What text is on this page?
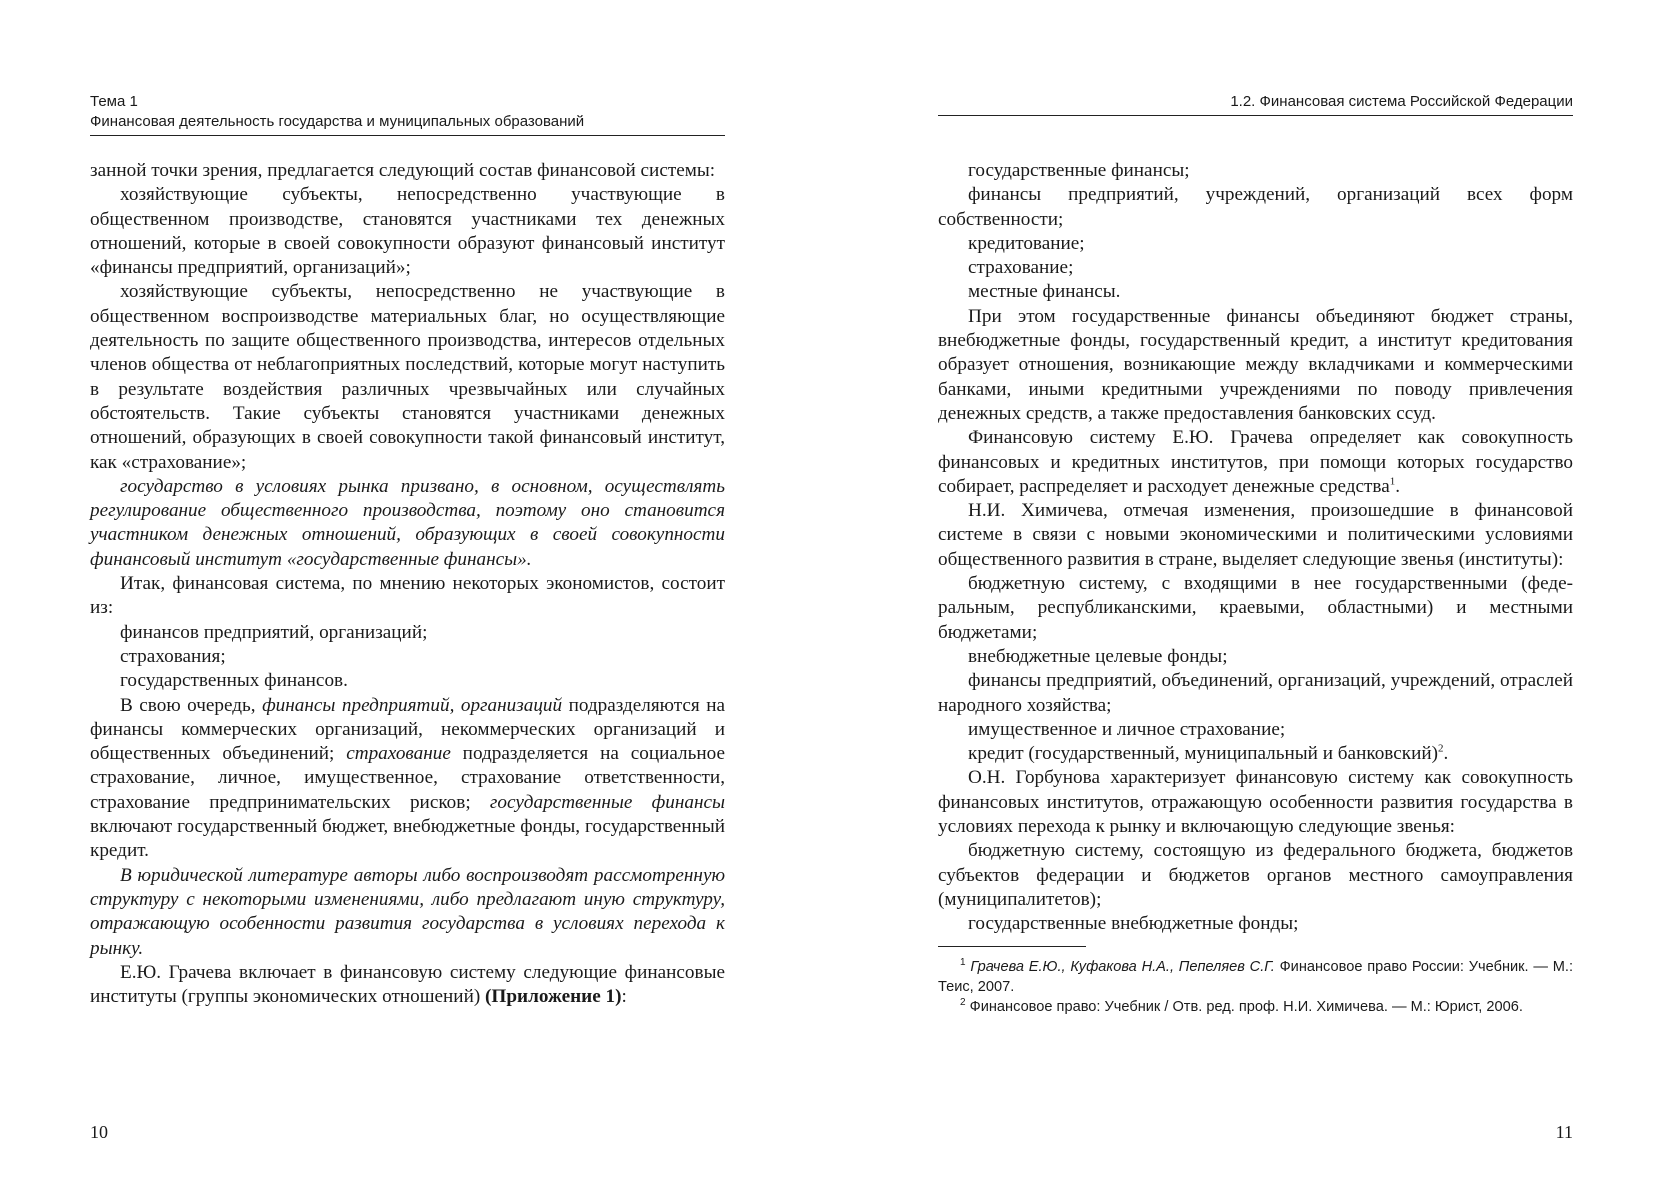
Тема 1
Финансовая деятельность государства и муниципальных образований

занной точки зрения, предлагается следующий состав финансовой системы:

хозяйствующие субъекты, непосредственно участвующие в общественном производстве, становятся участниками тех денежных отношений, которые в своей совокупности образуют финансовый институт «финансы предприятий, организаций»;

хозяйствующие субъекты, непосредственно не участвующие в общественном воспроизводстве материальных благ, но осуществляющие деятельность по защите общественного производства, интересов отдельных членов общества от неблагоприятных последствий, которые могут наступить в результате воздействия различных чрезвычайных или случайных обстоятельств. Такие субъекты становятся участниками денежных отношений, образующих в своей совокупности такой финансовый институт, как «страхование»;

государство в условиях рынка призвано, в основном, осуществлять регулирование общественного производства, поэтому оно становится участником денежных отношений, образующих в своей совокупности финансовый институт «государственные финансы».

Итак, финансовая система, по мнению некоторых экономистов, состоит из:

финансов предприятий, организаций;

страхования;

государственных финансов.

В свою очередь, финансы предприятий, организаций подразделяются на финансы коммерческих организаций, некоммерческих организаций и общественных объединений; страхование подразделяется на социальное страхование, личное, имущественное, страхование ответственности, страхование предпринимательских рисков; государственные финансы включают государственный бюджет, внебюджетные фонды, государственный кредит.

В юридической литературе авторы либо воспроизводят рассмотренную структуру с некоторыми изменениями, либо предлагают иную структуру, отражающую особенности развития государства в условиях перехода к рынку.

Е.Ю. Грачева включает в финансовую систему следующие финансовые институты (группы экономических отношений) (Приложение 1):

10
1.2. Финансовая система Российской Федерации

государственные финансы;

финансы предприятий, учреждений, организаций всех форм собственности;

кредитование;

страхование;

местные финансы.

При этом государственные финансы объединяют бюджет страны, внебюджетные фонды, государственный кредит, а институт кредитования образует отношения, возникающие между вкладчиками и коммерческими банками, иными кредитными учреждениями по поводу привлечения денежных средств, а также предоставления банковских ссуд.

Финансовую систему Е.Ю. Грачева определяет как совокупность финансовых и кредитных институтов, при помощи которых государство собирает, распределяет и расходует денежные средства$^1$.

Н.И. Химичева, отмечая изменения, произошедшие в финансовой системе в связи с новыми экономическими и политическими условиями общественного развития в стране, выделяет следующие звенья (институты):

бюджетную систему, с входящими в нее государственными (федеральным, республиканскими, краевыми, областными) и местными бюджетами;

внебюджетные целевые фонды;

финансы предприятий, объединений, организаций, учреждений, отраслей народного хозяйства;

имущественное и личное страхование;

кредит (государственный, муниципальный и банковский)$^2$.

О.Н. Горбунова характеризует финансовую систему как совокупность финансовых институтов, отражающую особенности развития государства в условиях перехода к рынку и включающую следующие звенья:

бюджетную систему, состоящую из федерального бюджета, бюджетов субъектов федерации и бюджетов органов местного самоуправления (муниципалитетов);

государственные внебюджетные фонды;

$^1$ Грачева Е.Ю., Куфакова Н.А., Пепеляев С.Г. Финансовое право России: Учебник. — М.: Теис, 2007.

$^2$ Финансовое право: Учебник / Отв. ред. проф. Н.И. Химичева. — М.: Юрист, 2006.

11
